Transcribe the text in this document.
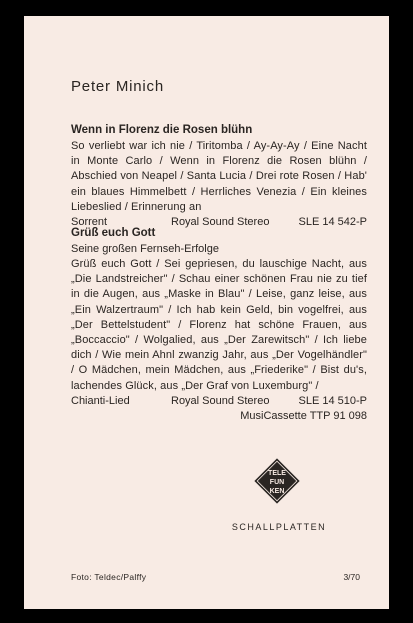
Peter Minich
Wenn in Florenz die Rosen blühn
So verliebt war ich nie / Tiritomba / Ay-Ay-Ay / Eine Nacht in Monte Carlo / Wenn in Florenz die Rosen blühn / Abschied von Neapel / Santa Lucia / Drei rote Rosen / Hab' ein blaues Himmelbett / Herrliches Venezia / Ein kleines Liebeslied / Erinnerung an
Sorrent	Royal Sound Stereo	SLE 14 542-P
Grüß euch Gott
Seine großen Fernseh-Erfolge
Grüß euch Gott / Sei gepriesen, du lauschige Nacht, aus „Die Landstreicher" / Schau einer schönen Frau nie zu tief in die Augen, aus „Maske in Blau" / Leise, ganz leise, aus „Ein Walzertraum" / Ich hab kein Geld, bin vogelfrei, aus „Der Bettelstudent" / Florenz hat schöne Frauen, aus „Boccaccio" / Wolgalied, aus „Der Zarewitsch" / Ich liebe dich / Wie mein Ahnl zwanzig Jahr, aus „Der Vogelhändler" / O Mädchen, mein Mädchen, aus „Friederike" / Bist du's, lachendes Glück, aus „Der Graf von Luxemburg" /
Chianti-Lied	Royal Sound Stereo	SLE 14 510-P
MusiCassette TTP 91 098
TELE
FUN
KEN
SCHALLPLATTEN
Foto: Teldec/Palffy	3/70
